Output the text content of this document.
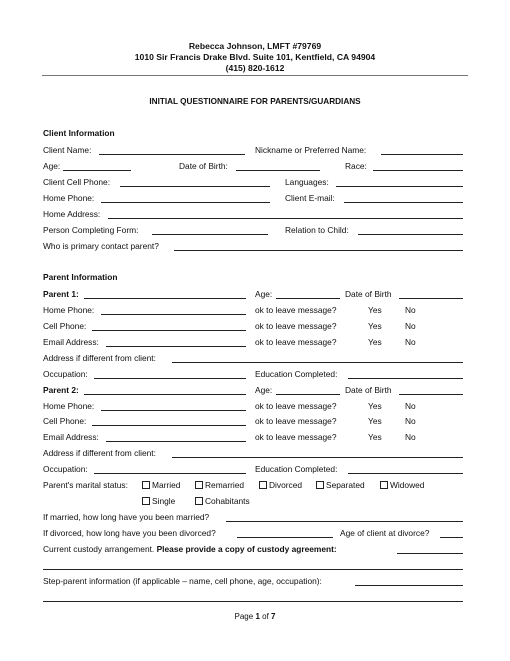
Rebecca Johnson, LMFT #79769
1010 Sir Francis Drake Blvd. Suite 101, Kentfield, CA 94904
(415) 820-1612
INITIAL QUESTIONNAIRE FOR PARENTS/GUARDIANS
Client Information
Client Name:	Nickname or Preferred Name:
Age:	Date of Birth:	Race:
Client Cell Phone:	Languages:
Home Phone:	Client E-mail:
Home Address:
Person Completing Form:	Relation to Child:
Who is primary contact parent?
Parent Information
Parent 1:	Age:	Date of Birth
Home Phone:	ok to leave message?	Yes	No
Cell Phone:	ok to leave message?	Yes	No
Email Address:	ok to leave message?	Yes	No
Address if different from client:
Occupation:	Education Completed:
Parent 2:	Age:	Date of Birth
Home Phone:	ok to leave message?	Yes	No
Cell Phone:	ok to leave message?	Yes	No
Email Address:	ok to leave message?	Yes	No
Address if different from client:
Occupation:	Education Completed:
Parent's marital status:	Married	Remarried	Divorced	Separated	Widowed
Single	Cohabitants
If married, how long have you been married?
If divorced, how long have you been divorced?	Age of client at divorce?
Current custody arrangement. Please provide a copy of custody agreement:
Step-parent information (if applicable – name, cell phone, age, occupation):
Page 1 of 7
